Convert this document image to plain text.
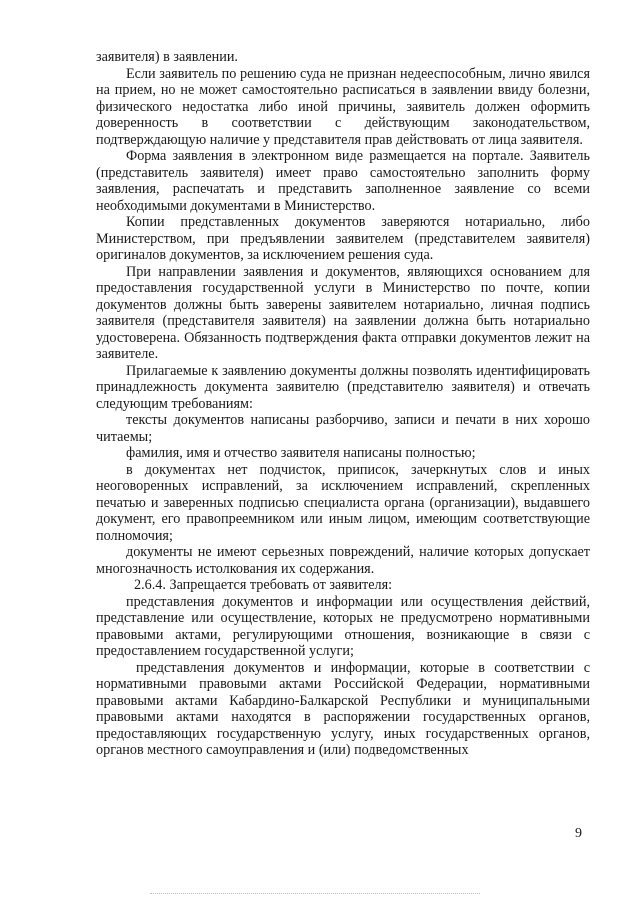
заявителя) в заявлении.

Если заявитель по решению суда не признан недееспособным, лично явился на прием, но не может самостоятельно расписаться в заявлении ввиду болезни, физического недостатка либо иной причины, заявитель должен оформить доверенность в соответствии с действующим законодательством, подтверждающую наличие у представителя прав действовать от лица заявителя.

Форма заявления в электронном виде размещается на портале. Заявитель (представитель заявителя) имеет право самостоятельно заполнить форму заявления, распечатать и представить заполненное заявление со всеми необходимыми документами в Министерство.

Копии представленных документов заверяются нотариально, либо Министерством, при предъявлении заявителем (представителем заявителя) оригиналов документов, за исключением решения суда.

При направлении заявления и документов, являющихся основанием для предоставления государственной услуги в Министерство по почте, копии документов должны быть заверены заявителем нотариально, личная подпись заявителя (представителя заявителя) на заявлении должна быть нотариально удостоверена. Обязанность подтверждения факта отправки документов лежит на заявителе.

Прилагаемые к заявлению документы должны позволять идентифицировать принадлежность документа заявителю (представителю заявителя) и отвечать следующим требованиям:

тексты документов написаны разборчиво, записи и печати в них хорошо читаемы;

фамилия, имя и отчество заявителя написаны полностью;

в документах нет подчисток, приписок, зачеркнутых слов и иных неоговоренных исправлений, за исключением исправлений, скрепленных печатью и заверенных подписью специалиста органа (организации), выдавшего документ, его правопреемником или иным лицом, имеющим соответствующие полномочия;

документы не имеют серьезных повреждений, наличие которых допускает многозначность истолкования их содержания.

2.6.4. Запрещается требовать от заявителя:

представления документов и информации или осуществления действий, представление или осуществление, которых не предусмотрено нормативными правовыми актами, регулирующими отношения, возникающие в связи с предоставлением государственной услуги;

представления документов и информации, которые в соответствии с нормативными правовыми актами Российской Федерации, нормативными правовыми актами Кабардино-Балкарской Республики и муниципальными правовыми актами находятся в распоряжении государственных органов, предоставляющих государственную услугу, иных государственных органов, органов местного самоуправления и (или) подведомственных

9
